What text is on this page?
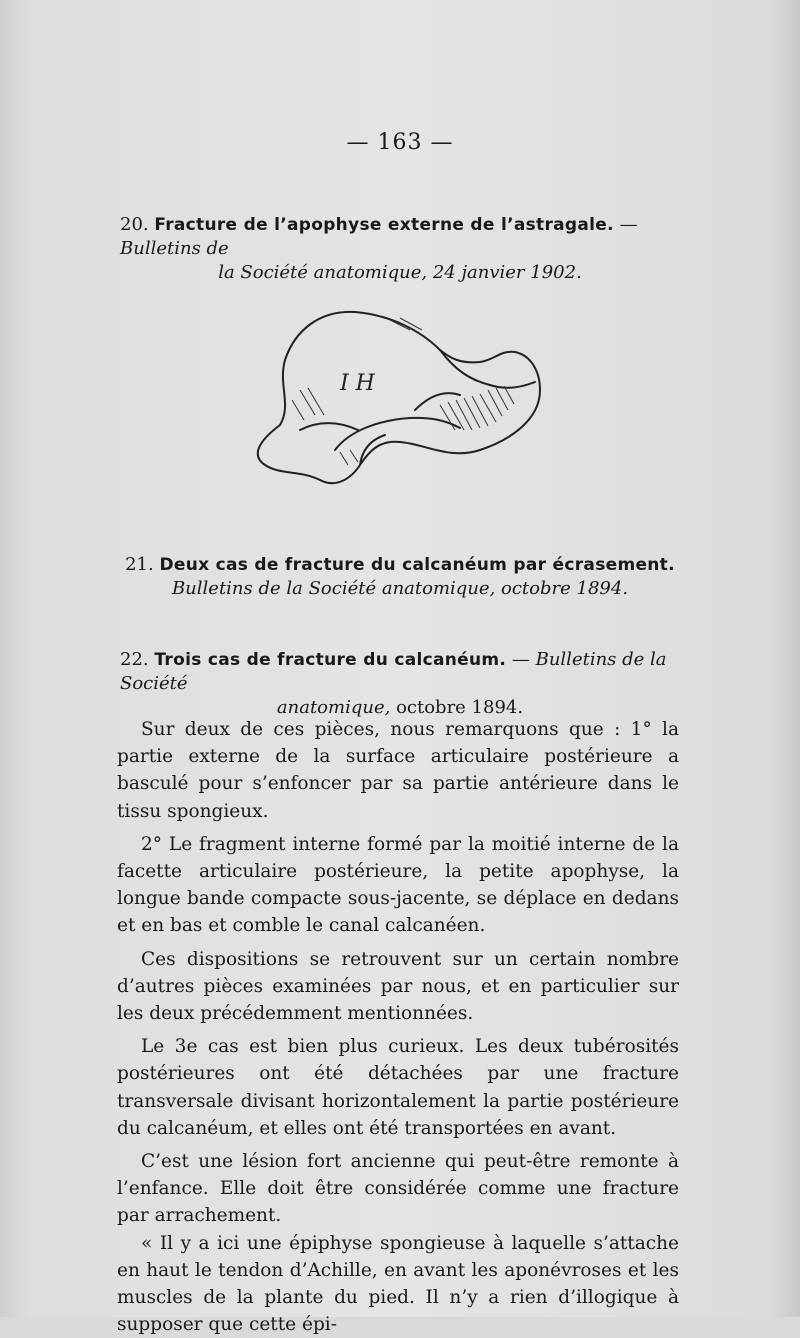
— 163 —
20. Fracture de l’apophyse externe de l’astragale. — Bulletins de
la Société anatomique, 24 janvier 1902.
I H
21. Deux cas de fracture du calcanéum par écrasement.
Bulletins de la Société anatomique, octobre 1894.
22. Trois cas de fracture du calcanéum. — Bulletins de la Société
anatomique, octobre 1894.

Sur deux de ces pièces, nous remarquons que : 1° la partie externe de la surface articulaire postérieure a basculé pour s’enfoncer par sa partie antérieure dans le tissu spongieux.

2° Le fragment interne formé par la moitié interne de la facette articulaire postérieure, la petite apophyse, la longue bande compacte sous-jacente, se déplace en dedans et en bas et comble le canal calcanéen.

Ces dispositions se retrouvent sur un certain nombre d’autres pièces examinées par nous, et en particulier sur les deux précédemment mentionnées.

Le 3e cas est bien plus curieux. Les deux tubérosités postérieures ont été détachées par une fracture transversale divisant horizontalement la partie postérieure du calcanéum, et elles ont été transportées en avant.

C’est une lésion fort ancienne qui peut-être remonte à l’enfance. Elle doit être considérée comme une fracture par arrachement.

« Il y a ici une épiphyse spongieuse à laquelle s’attache en haut le tendon d’Achille, en avant les aponévroses et les muscles de la plante du pied. Il n’y a rien d’illogique à supposer que cette épi-
